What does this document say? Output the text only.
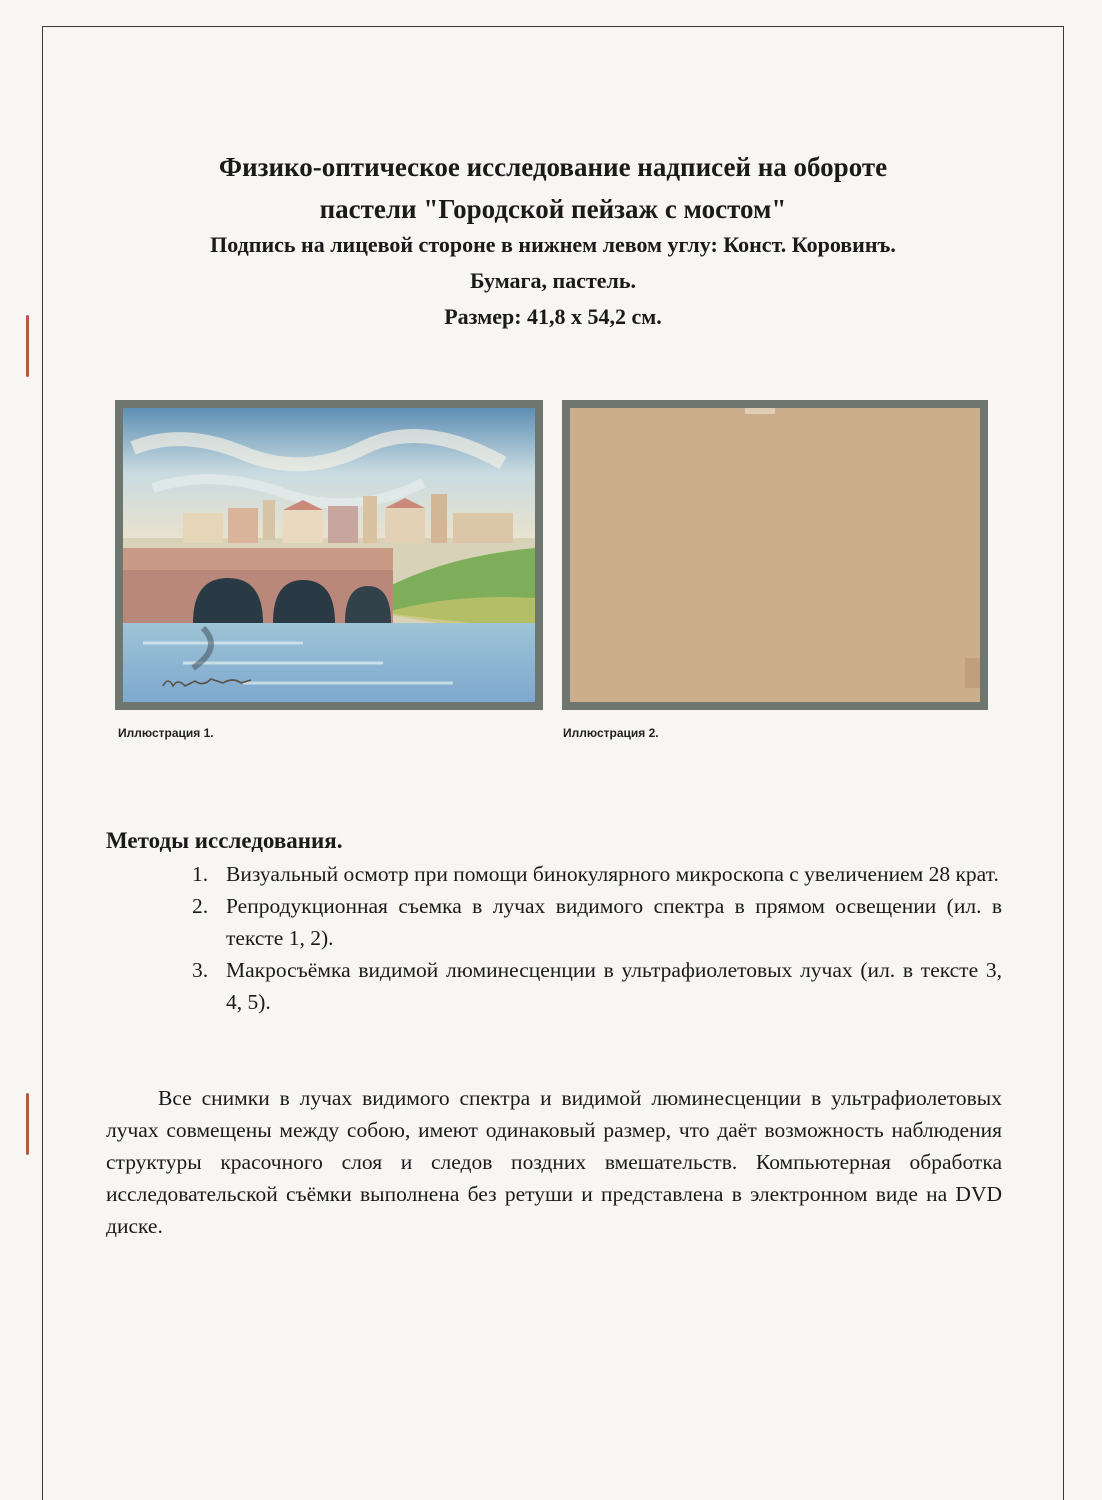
Физико-оптическое исследование надписей на обороте
пастели "Городской пейзаж с мостом"
Подпись на лицевой стороне в нижнем левом углу: Конст. Коровинъ.
Бумага, пастель.
Размер: 41,8 х 54,2 см.
Иллюстрация 1.	Иллюстрация 2.
Методы исследования.
1. Визуальный осмотр при помощи бинокулярного микроскопа с увеличением 28 крат.
2. Репродукционная съемка в лучах видимого спектра в прямом освещении (ил. в тексте 1, 2).
3. Макросъёмка видимой люминесценции в ультрафиолетовых лучах (ил. в тексте 3, 4, 5).

Все снимки в лучах видимого спектра и видимой люминесценции в ультрафиолетовых лучах совмещены между собою, имеют одинаковый размер, что даёт возможность наблюдения структуры красочного слоя и следов поздних вмешательств. Компьютерная обработка исследовательской съёмки выполнена без ретуши и представлена в электронном виде на DVD диске.
